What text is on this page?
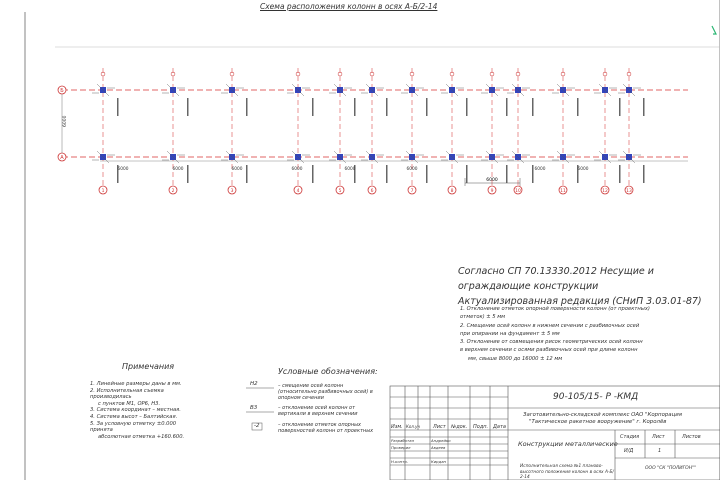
Б
А
6000
1	2	3	4	5	6	7	8	9	10	11	12	13
6000	6000	6000	6000	6000	6000	6000	6000
6000
Схема расположения колонн в осях А-Б/2-14
Согласно СП 70.13330.2012 Несущие и ограждающие конструкции
Актуализированная редакция (СНиП 3.03.01-87)
1. Отклонение отметок опорной поверхности колонн (от проектных)
отметок) ± 5 мм
2. Смещение осей колонн в нижнем сечении с разбивочных осей
при опирании на фундамент ± 5 мм
3. Отклонение от совмещения рисок геометрических осей колонн
в верхнем сечении с осями разбивочных осей при длине колонн
мм, свыше 8000 до 16000 ± 12 мм
Примечания
1. Линейные размеры даны в мм.
2. Исполнительная съемка производилась
с пунктов М1, ОР6, Н3.
3. Система координат – местная.
4. Система высот – Балтийская.
5. За условную отметку ±0.000 принята
абсолютная отметка +160.600.
Условные обозначения:
Н2	– смещение осей колонн (относительно разбивочных осей) в опорном сечении
В3	– отклонение осей колонн от вертикали в верхнем сечении
-2	– отклонение отметок опорных поверхностей колонн от проектных
90-105/15- Р -КМД
Заготовительно-складской комплекс ОАО "Корпорация
"Тактическое ракетное вооружение" г. Королёв
Конструкции металлические
Исполнительная схема №1 планово-высотного положения колонн в осях А-Б/ 2-14
Изм. Кол.уч	Лист №док. Подп. Дата
Разработал
Проверил
Н.контр.
Андрейко
Авдеев
Кирдан
Стадия	Лист	Листов
И/Д	1
ООО "СК "ПОЛИГОН""
